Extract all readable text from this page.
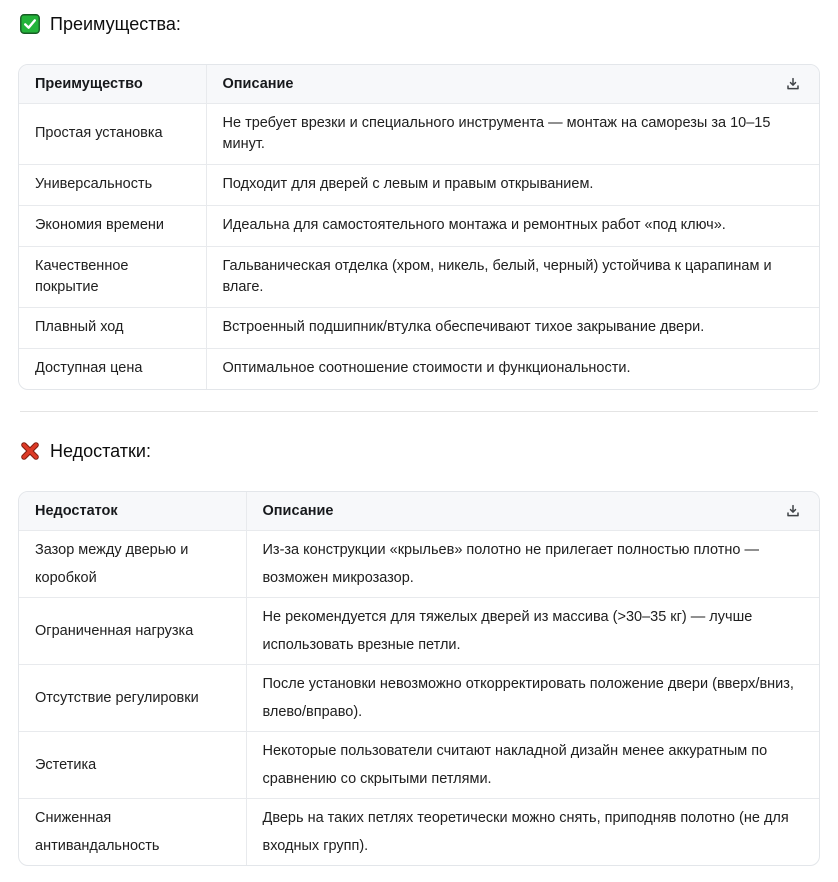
Преимущества:
Преимущество	Описание

Простая установка	Не требует врезки и специального инструмента — монтаж на саморезы за 10–15 минут.
Универсальность	Подходит для дверей с левым и правым открыванием.
Экономия времени	Идеальна для самостоятельного монтажа и ремонтных работ «под ключ».
Качественное покрытие	Гальваническая отделка (хром, никель, белый, черный) устойчива к царапинам и влаге.
Плавный ход	Встроенный подшипник/втулка обеспечивают тихое закрывание двери.
Доступная цена	Оптимальное соотношение стоимости и функциональности.
Недостатки:
Недостаток	Описание

Зазор между дверью и коробкой	Из-за конструкции «крыльев» полотно не прилегает полностью плотно — возможен микрозазор.
Ограниченная нагрузка	Не рекомендуется для тяжелых дверей из массива (>30–35 кг) — лучше использовать врезные петли.
Отсутствие регулировки	После установки невозможно откорректировать положение двери (вверх/вниз, влево/вправо).
Эстетика	Некоторые пользователи считают накладной дизайн менее аккуратным по сравнению со скрытыми петлями.
Сниженная антивандальность	Дверь на таких петлях теоретически можно снять, приподняв полотно (не для входных групп).
